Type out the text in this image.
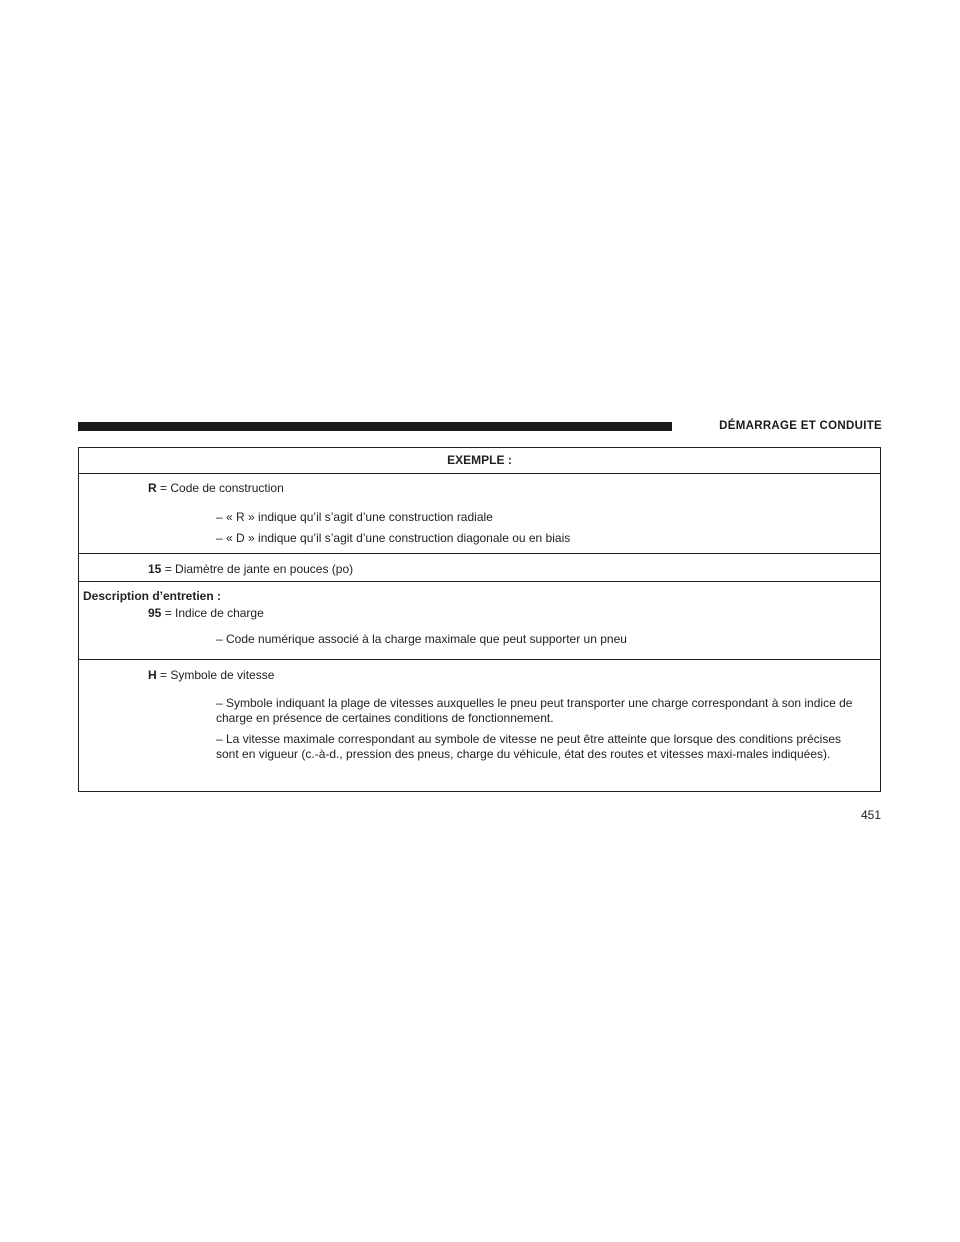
DÉMARRAGE ET CONDUITE
EXEMPLE :
R = Code de construction
– « R » indique qu’il s’agit d’une construction radiale
– « D » indique qu’il s’agit d’une construction diagonale ou en biais
15 = Diamètre de jante en pouces (po)
Description d’entretien :
95 = Indice de charge
– Code numérique associé à la charge maximale que peut supporter un pneu
H = Symbole de vitesse
– Symbole indiquant la plage de vitesses auxquelles le pneu peut transporter une charge correspondant à son indice de charge en présence de certaines conditions de fonctionnement.
– La vitesse maximale correspondant au symbole de vitesse ne peut être atteinte que lorsque des conditions précises sont en vigueur (c.-à-d., pression des pneus, charge du véhicule, état des routes et vitesses maxi-males indiquées).
451
